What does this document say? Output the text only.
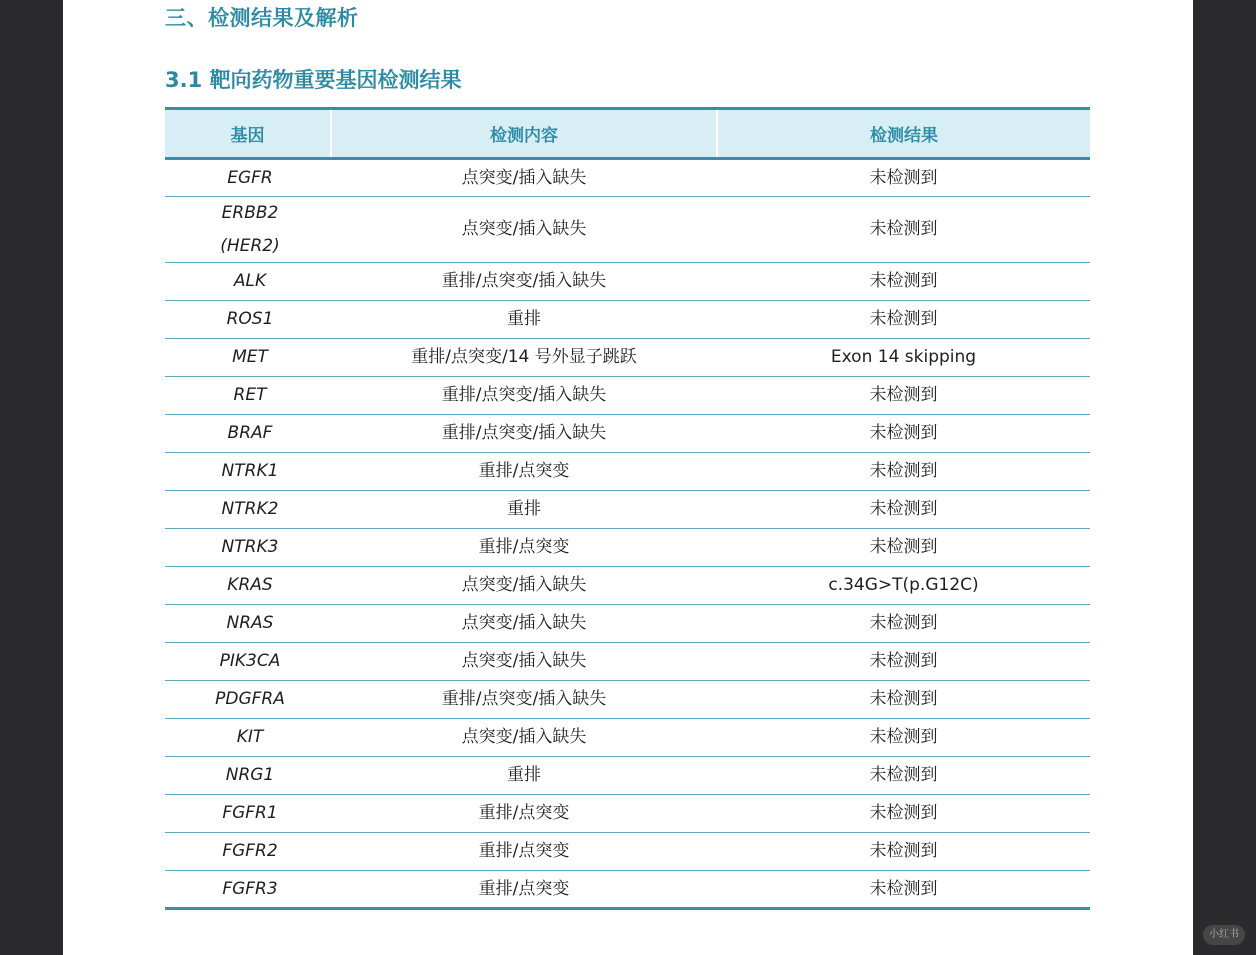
三、检测结果及解析
3.1 靶向药物重要基因检测结果
基因	检测内容	检测结果

EGFR	点突变/插入缺失	未检测到

ERBB2
(HER2)	点突变/插入缺失	未检测到

ALK	重排/点突变/插入缺失	未检测到

ROS1	重排	未检测到

MET	重排/点突变/14 号外显子跳跃	Exon 14 skipping

RET	重排/点突变/插入缺失	未检测到

BRAF	重排/点突变/插入缺失	未检测到

NTRK1	重排/点突变	未检测到

NTRK2	重排	未检测到

NTRK3	重排/点突变	未检测到

KRAS	点突变/插入缺失	c.34G>T(p.G12C)

NRAS	点突变/插入缺失	未检测到

PIK3CA	点突变/插入缺失	未检测到

PDGFRA	重排/点突变/插入缺失	未检测到

KIT	点突变/插入缺失	未检测到

NRG1	重排	未检测到

FGFR1	重排/点突变	未检测到

FGFR2	重排/点突变	未检测到

FGFR3	重排/点突变	未检测到
小红书
